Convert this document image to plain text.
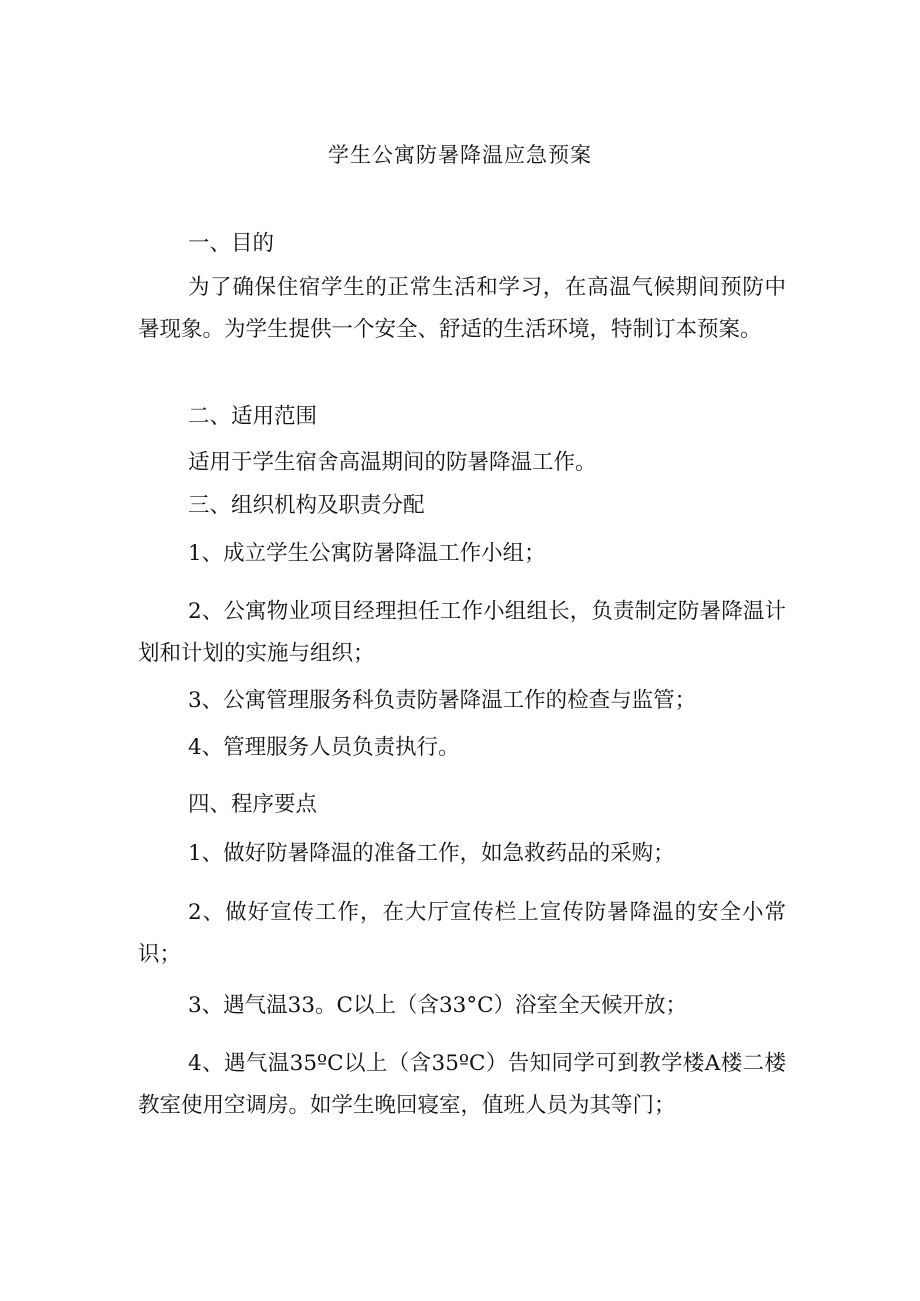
学生公寓防暑降温应急预案
一、目的

为了确保住宿学生的正常生活和学习，在高温气候期间预防中暑现象。为学生提供一个安全、舒适的生活环境，特制订本预案。

二、适用范围
适用于学生宿舍高温期间的防暑降温工作。
三、组织机构及职责分配
1、成立学生公寓防暑降温工作小组；

2、公寓物业项目经理担任工作小组组长，负责制定防暑降温计划和计划的实施与组织；

3、公寓管理服务科负责防暑降温工作的检查与监管；
4、管理服务人员负责执行。
四、程序要点
1、做好防暑降温的准备工作，如急救药品的采购；

2、做好宣传工作，在大厅宣传栏上宣传防暑降温的安全小常识；

3、遇气温33。C以上（含33°C）浴室全天候开放；

4、遇气温35ºC以上（含35ºC）告知同学可到教学楼A楼二楼教室使用空调房。如学生晚回寝室，值班人员为其等门；
